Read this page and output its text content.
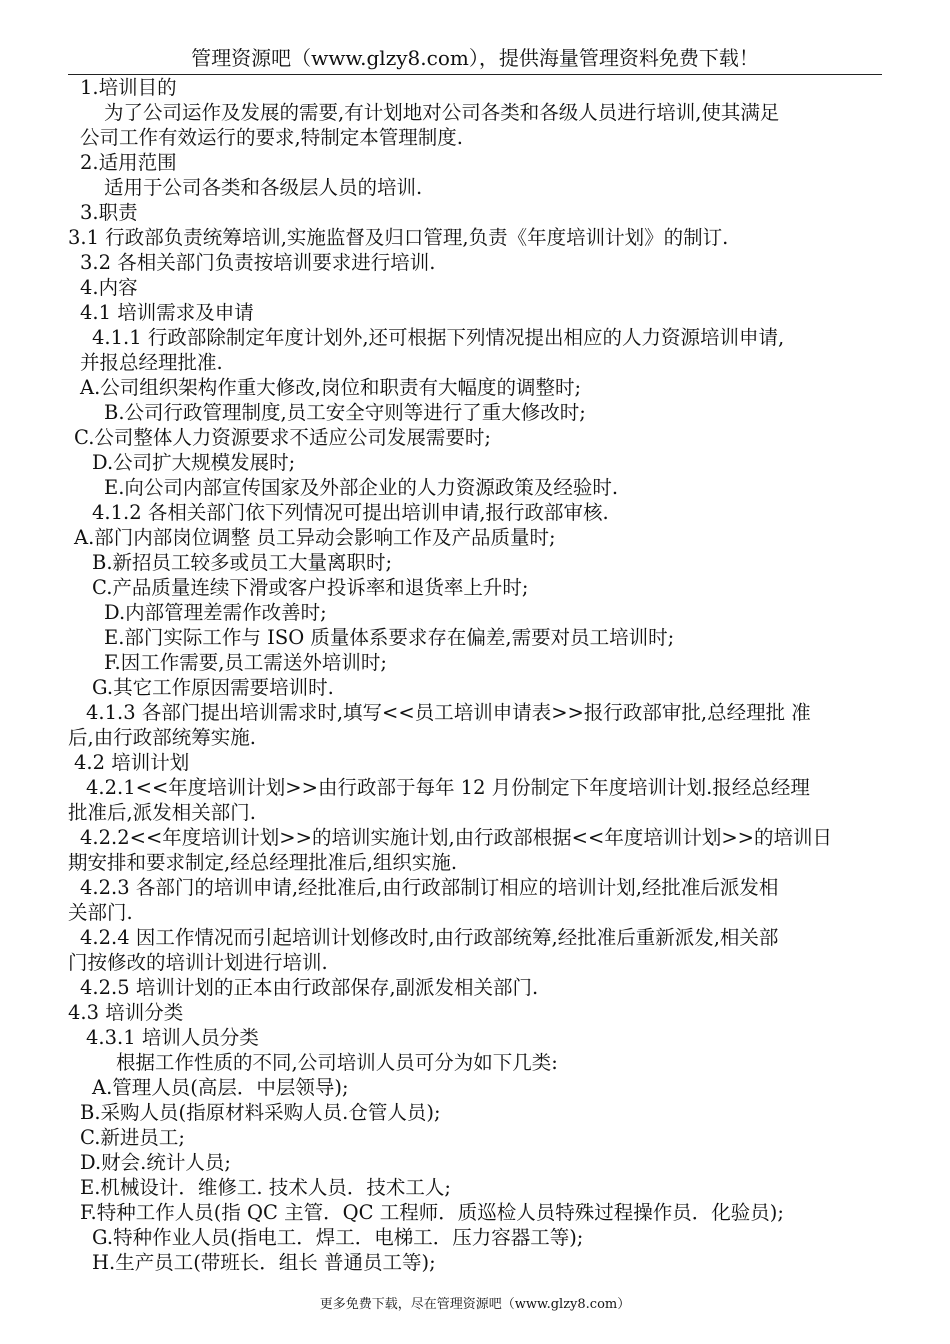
管理资源吧（www.glzy8.com），提供海量管理资料免费下载！
1.培训目的
为了公司运作及发展的需要,有计划地对公司各类和各级人员进行培训,使其满足
公司工作有效运行的要求,特制定本管理制度.
2.适用范围
适用于公司各类和各级层人员的培训.
3.职责
3.1 行政部负责统筹培训,实施监督及归口管理,负责《年度培训计划》的制订.
3.2 各相关部门负责按培训要求进行培训.
4.内容
4.1 培训需求及申请
4.1.1 行政部除制定年度计划外,还可根据下列情况提出相应的人力资源培训申请,
并报总经理批准.
A.公司组织架构作重大修改,岗位和职责有大幅度的调整时;
B.公司行政管理制度,员工安全守则等进行了重大修改时;
C.公司整体人力资源要求不适应公司发展需要时;
D.公司扩大规模发展时;
E.向公司内部宣传国家及外部企业的人力资源政策及经验时.
4.1.2 各相关部门依下列情况可提出培训申请,报行政部审核.
A.部门内部岗位调整 员工异动会影响工作及产品质量时;
B.新招员工较多或员工大量离职时;
C.产品质量连续下滑或客户投诉率和退货率上升时;
D.内部管理差需作改善时;
E.部门实际工作与 ISO 质量体系要求存在偏差,需要对员工培训时;
F.因工作需要,员工需送外培训时;
G.其它工作原因需要培训时.
4.1.3 各部门提出培训需求时,填写<<员工培训申请表>>报行政部审批,总经理批 准
后,由行政部统筹实施.
4.2 培训计划
4.2.1<<年度培训计划>>由行政部于每年 12 月份制定下年度培训计划.报经总经理
批准后,派发相关部门.
4.2.2<<年度培训计划>>的培训实施计划,由行政部根据<<年度培训计划>>的培训日
期安排和要求制定,经总经理批准后,组织实施.
4.2.3 各部门的培训申请,经批准后,由行政部制订相应的培训计划,经批准后派发相
关部门.
4.2.4 因工作情况而引起培训计划修改时,由行政部统筹,经批准后重新派发,相关部
门按修改的培训计划进行培训.
4.2.5 培训计划的正本由行政部保存,副派发相关部门.
4.3 培训分类
4.3.1 培训人员分类
根据工作性质的不同,公司培训人员可分为如下几类:
A.管理人员(高层．中层领导);
B.采购人员(指原材料采购人员.仓管人员);
C.新进员工;
D.财会.统计人员;
E.机械设计．维修工. 技术人员．技术工人;
F.特种工作人员(指 QC 主管．QC 工程师．质巡检人员特殊过程操作员．化验员);
G.特种作业人员(指电工．焊工．电梯工．压力容器工等);
H.生产员工(带班长．组长 普通员工等);
更多免费下载，尽在管理资源吧（www.glzy8.com）
